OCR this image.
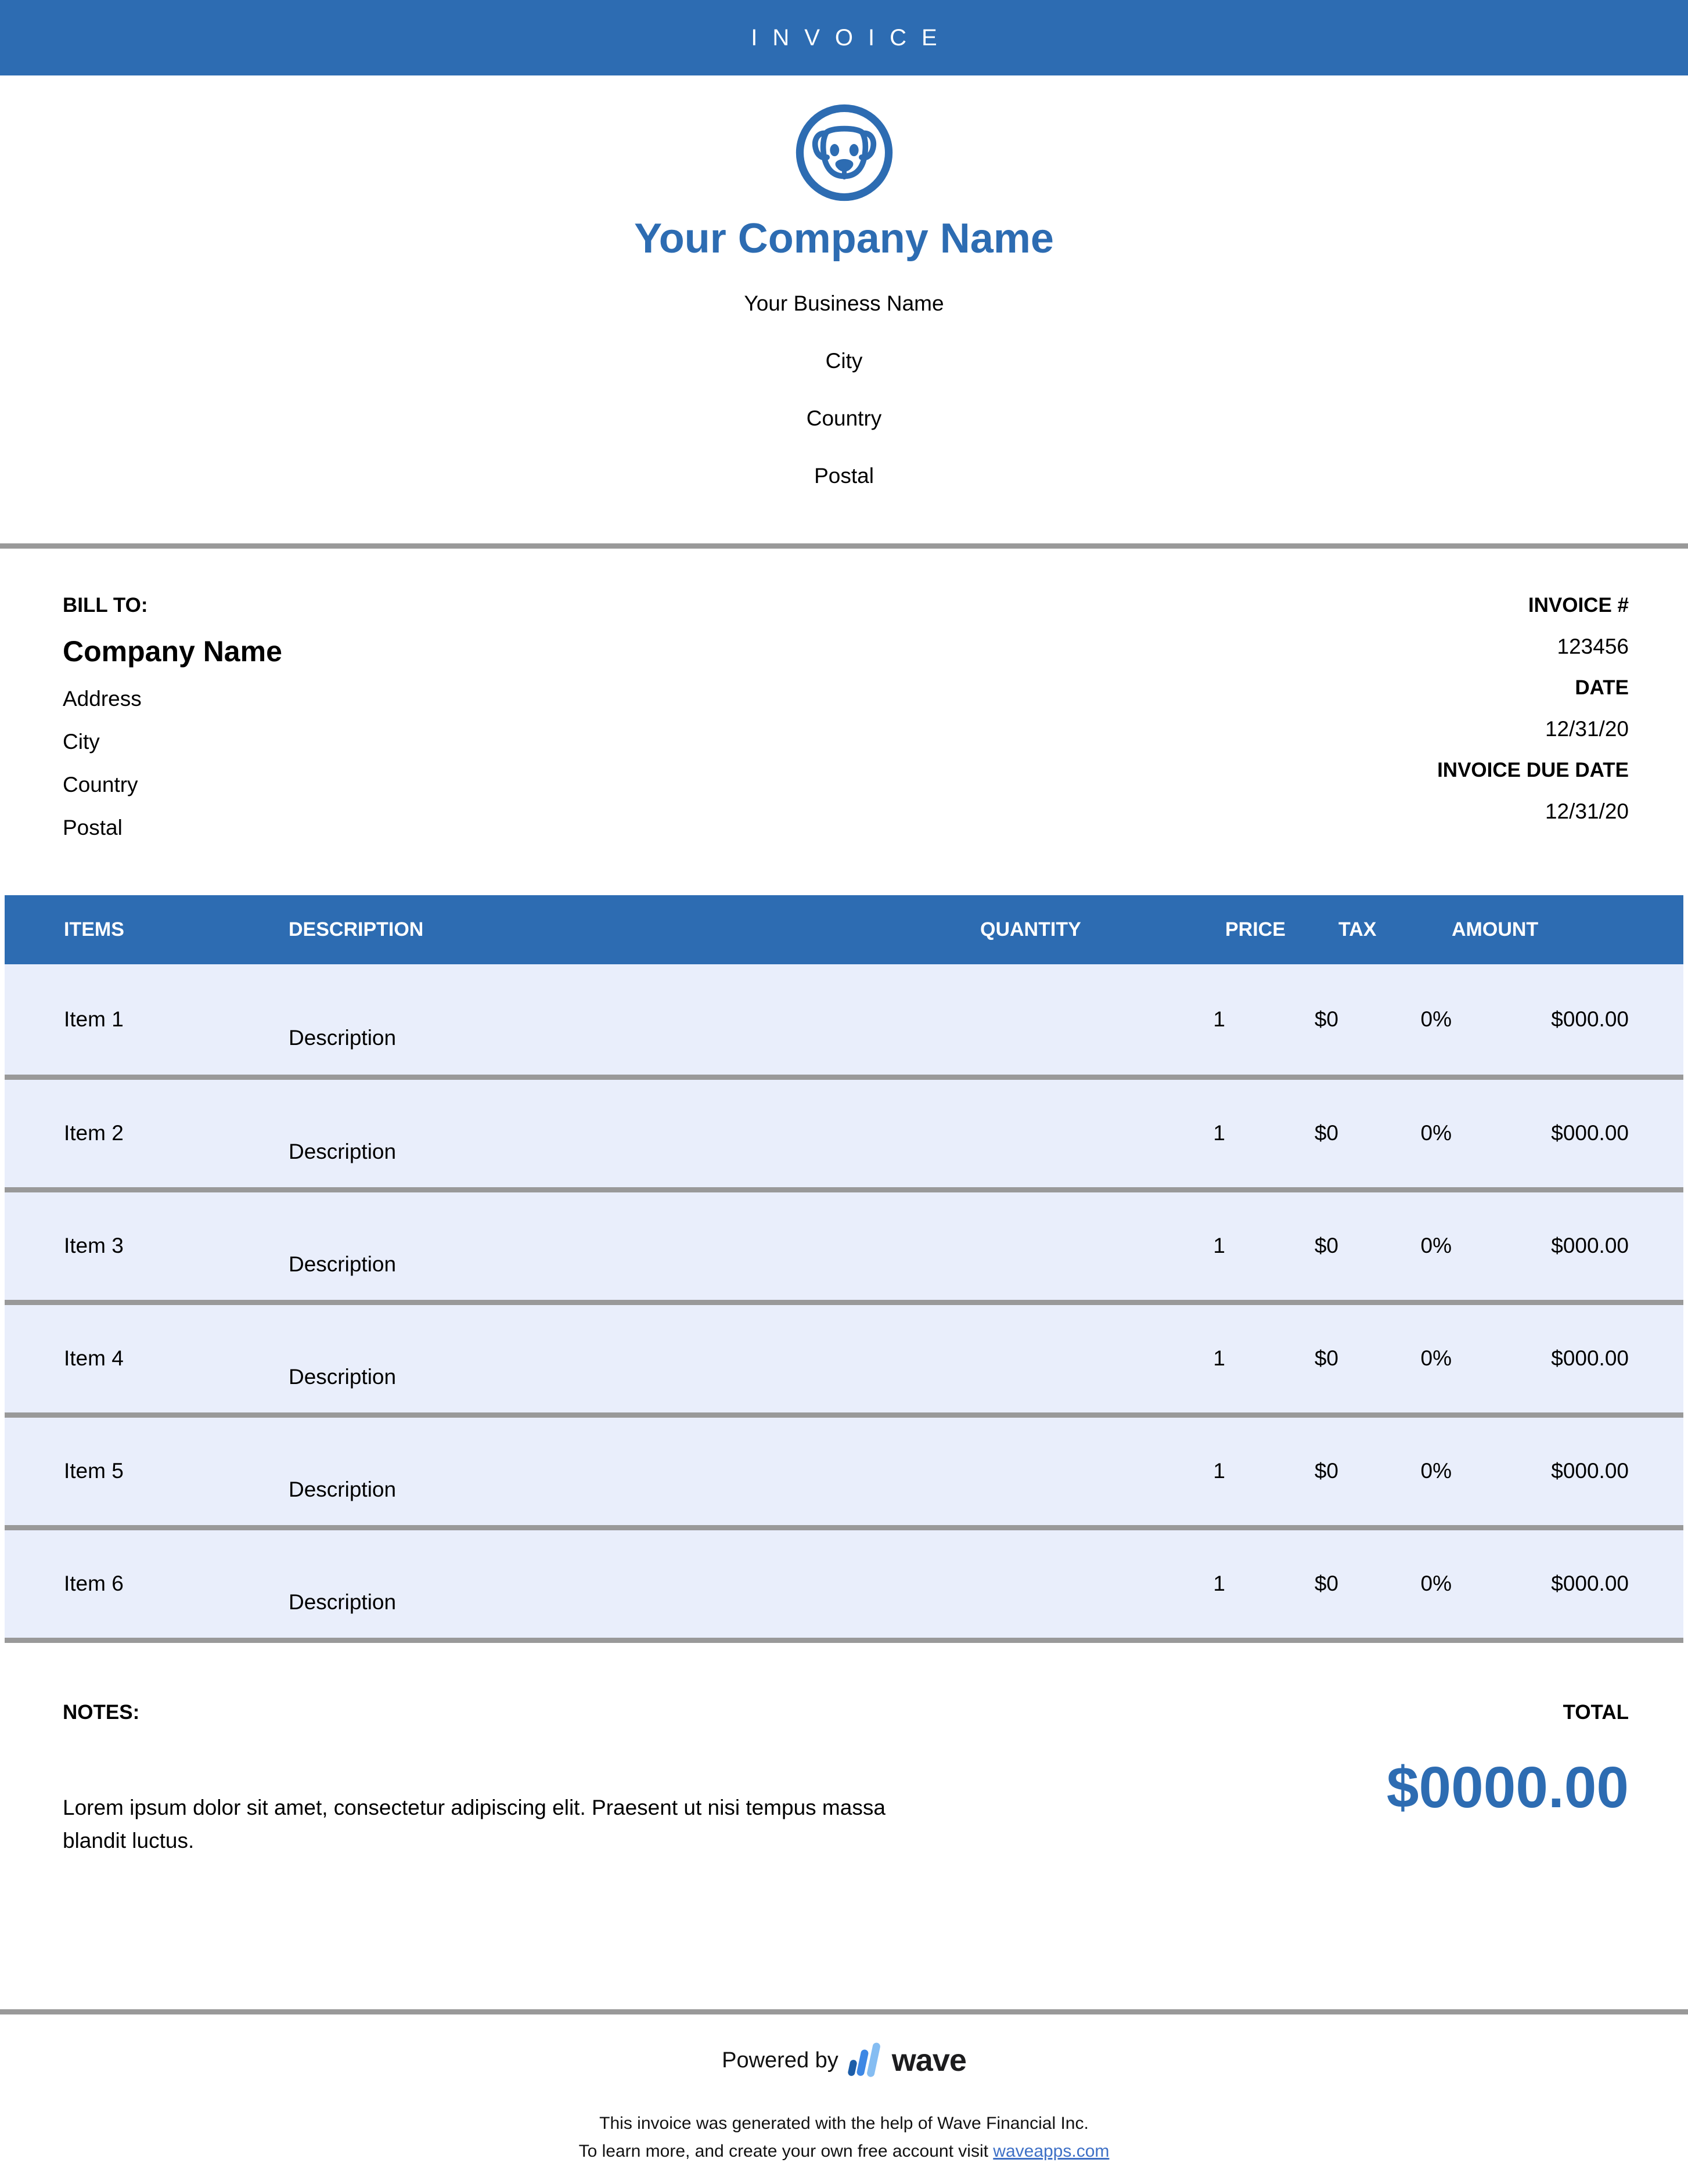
INVOICE
Your Company Name
Your Business Name
City
Country
Postal
BILL TO:
Company Name
Address
City
Country
Postal
INVOICE #
123456
DATE
12/31/20
INVOICE DUE DATE
12/31/20
ITEMS	DESCRIPTION	QUANTITY	PRICE	TAX	AMOUNT
Item 1	Description	1	$0	0%	$000.00
Item 2	Description	1	$0	0%	$000.00
Item 3	Description	1	$0	0%	$000.00
Item 4	Description	1	$0	0%	$000.00
Item 5	Description	1	$0	0%	$000.00
Item 6	Description	1	$0	0%	$000.00
NOTES:

Lorem ipsum dolor sit amet, consectetur adipiscing elit. Praesent ut nisi tempus massa blandit luctus.

TOTAL
$0000.00
Powered by wave

This invoice was generated with the help of Wave Financial Inc.

To learn more, and create your own free account visit waveapps.com
